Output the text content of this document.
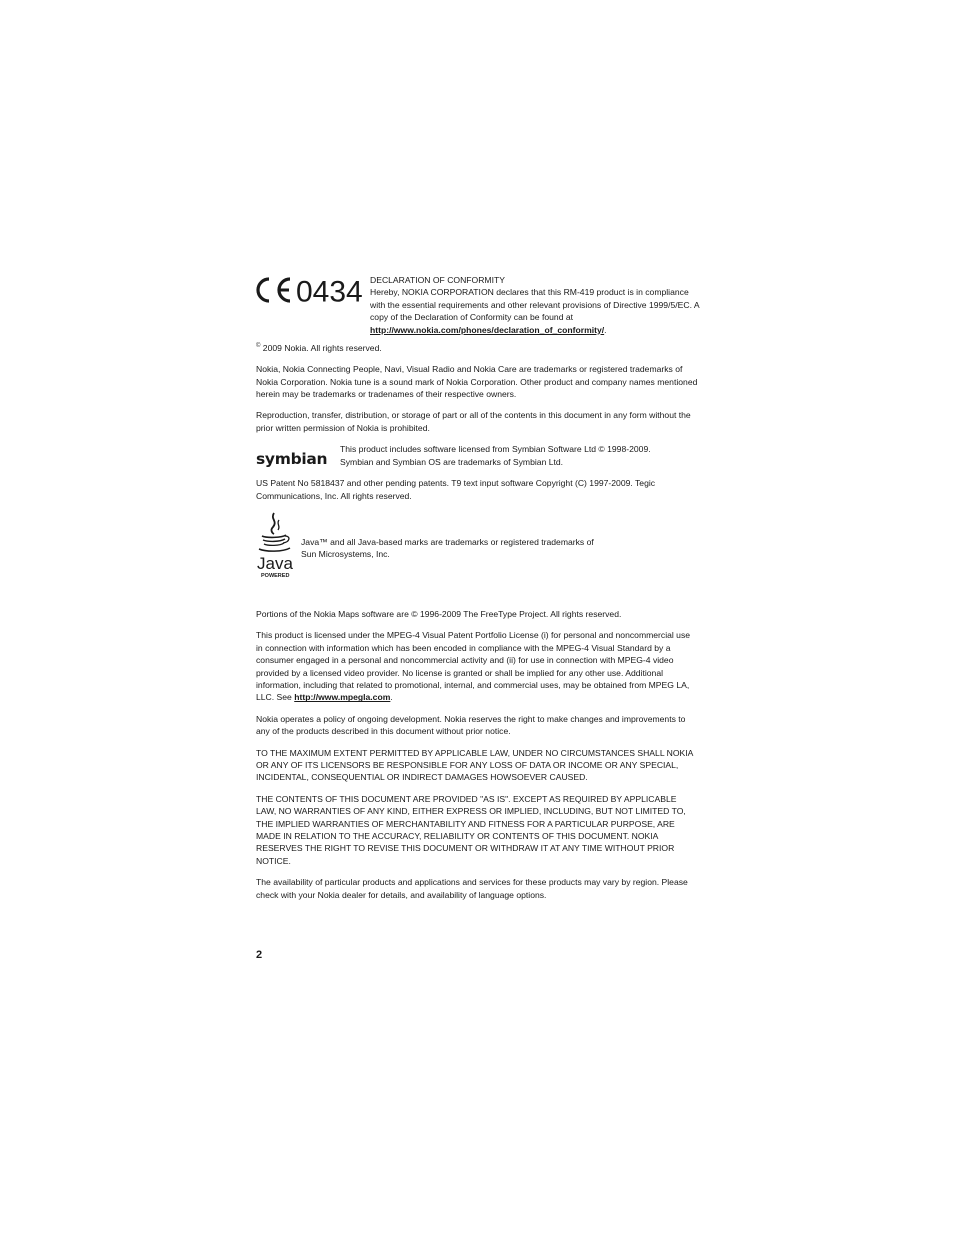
0434 DECLARATION OF CONFORMITY
Hereby, NOKIA CORPORATION declares that this RM-419 product is in compliance with the essential requirements and other relevant provisions of Directive 1999/5/EC. A copy of the Declaration of Conformity can be found at http://www.nokia.com/phones/declaration_of_conformity/.

© 2009 Nokia. All rights reserved.

Nokia, Nokia Connecting People, Navi, Visual Radio and Nokia Care are trademarks or registered trademarks of Nokia Corporation. Nokia tune is a sound mark of Nokia Corporation. Other product and company names mentioned herein may be trademarks or tradenames of their respective owners.

Reproduction, transfer, distribution, or storage of part or all of the contents in this document in any form without the prior written permission of Nokia is prohibited.

symbian
This product includes software licensed from Symbian Software Ltd © 1998-2009.
Symbian and Symbian OS are trademarks of Symbian Ltd.

US Patent No 5818437 and other pending patents. T9 text input software Copyright (C) 1997-2009. Tegic Communications, Inc. All rights reserved.

Java
POWERED
Java™ and all Java-based marks are trademarks or registered trademarks of
Sun Microsystems, Inc.

Portions of the Nokia Maps software are © 1996-2009 The FreeType Project. All rights reserved.

This product is licensed under the MPEG-4 Visual Patent Portfolio License (i) for personal and noncommercial use in connection with information which has been encoded in compliance with the MPEG-4 Visual Standard by a consumer engaged in a personal and noncommercial activity and (ii) for use in connection with MPEG-4 video provided by a licensed video provider. No license is granted or shall be implied for any other use. Additional information, including that related to promotional, internal, and commercial uses, may be obtained from MPEG LA, LLC. See http://www.mpegla.com.

Nokia operates a policy of ongoing development. Nokia reserves the right to make changes and improvements to any of the products described in this document without prior notice.

TO THE MAXIMUM EXTENT PERMITTED BY APPLICABLE LAW, UNDER NO CIRCUMSTANCES SHALL NOKIA OR ANY OF ITS LICENSORS BE RESPONSIBLE FOR ANY LOSS OF DATA OR INCOME OR ANY SPECIAL, INCIDENTAL, CONSEQUENTIAL OR INDIRECT DAMAGES HOWSOEVER CAUSED.

THE CONTENTS OF THIS DOCUMENT ARE PROVIDED "AS IS". EXCEPT AS REQUIRED BY APPLICABLE LAW, NO WARRANTIES OF ANY KIND, EITHER EXPRESS OR IMPLIED, INCLUDING, BUT NOT LIMITED TO, THE IMPLIED WARRANTIES OF MERCHANTABILITY AND FITNESS FOR A PARTICULAR PURPOSE, ARE MADE IN RELATION TO THE ACCURACY, RELIABILITY OR CONTENTS OF THIS DOCUMENT. NOKIA RESERVES THE RIGHT TO REVISE THIS DOCUMENT OR WITHDRAW IT AT ANY TIME WITHOUT PRIOR NOTICE.

The availability of particular products and applications and services for these products may vary by region. Please check with your Nokia dealer for details, and availability of language options.

2
